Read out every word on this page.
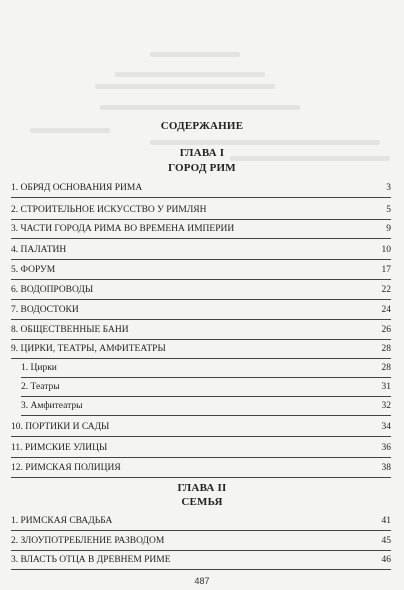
СОДЕРЖАНИЕ
ГЛАВА I
ГОРОД РИМ
1. ОБРЯД ОСНОВАНИЯ РИМА	3
2. СТРОИТЕЛЬНОЕ ИСКУССТВО У РИМЛЯН	5
3. ЧАСТИ ГОРОДА РИМА ВО ВРЕМЕНА ИМПЕРИИ	9
4. ПАЛАТИН	10
5. ФОРУМ	17
6. ВОДОПРОВОДЫ	22
7. ВОДОСТОКИ	24
8. ОБЩЕСТВЕННЫЕ БАНИ	26
9. ЦИРКИ, ТЕАТРЫ, АМФИТЕАТРЫ	28
1. Цирки	28
2. Театры	31
3. Амфитеатры	32
10. ПОРТИКИ И САДЫ	34
11. РИМСКИЕ УЛИЦЫ	36
12. РИМСКАЯ ПОЛИЦИЯ	38
ГЛАВА II
СЕМЬЯ
1. РИМСКАЯ СВАДЬБА	41
2. ЗЛОУПОТРЕБЛЕНИЕ РАЗВОДОМ	45
3. ВЛАСТЬ ОТЦА В ДРЕВНЕМ РИМЕ	46
487
